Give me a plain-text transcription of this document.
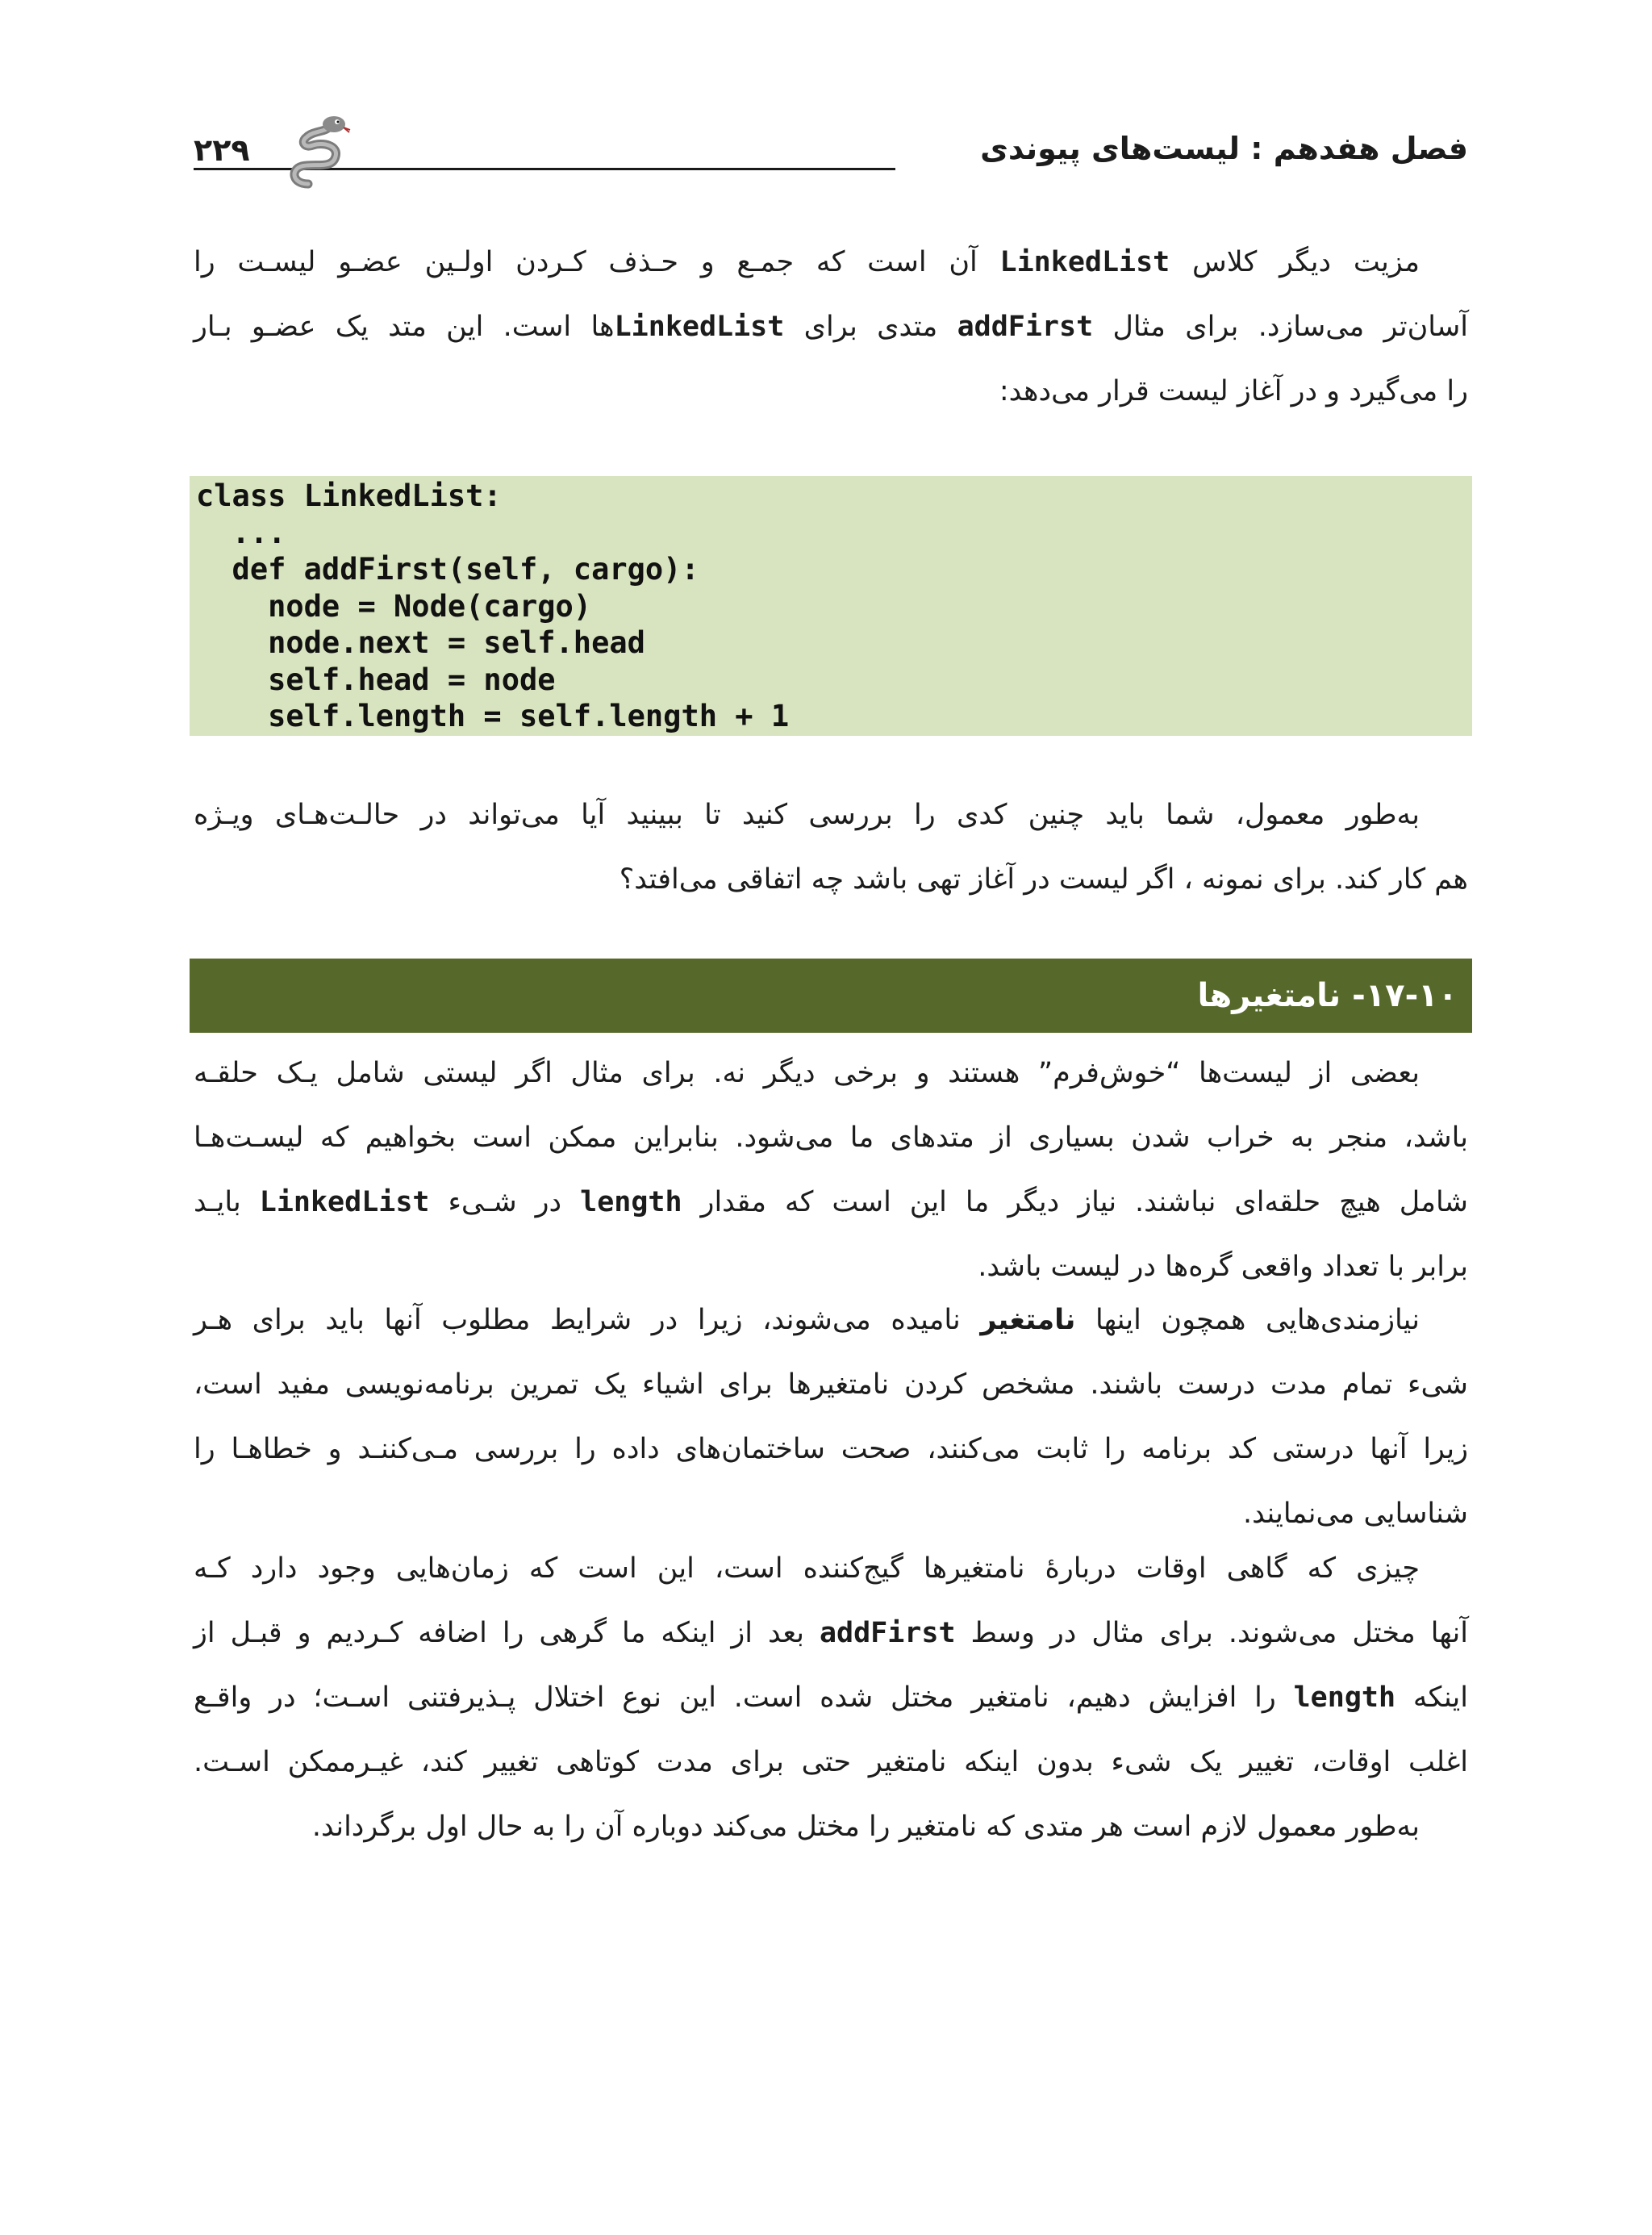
فصل هفدهم : لیست‌های پیوندی
۲۲۹

مزیت دیگر کلاس LinkedList آن است که جمـع و حـذف کـردن اولـین عضـو لیسـت را
آسان‌تر می‌سازد. برای مثال addFirst متدی برای LinkedListها است. این متد یک عضـو بـار
را می‌گیرد و در آغاز لیست قرار می‌دهد:

class LinkedList:
...
def addFirst(self, cargo):
node = Node(cargo)
node.next = self.head
self.head = node
self.length = self.length + 1

به‌طور معمول، شما باید چنین کدی را بررسی کنید تا ببینید آیا می‌تواند در حالـت‌هـای ویـژه
هم کار کند. برای نمونه ، اگر لیست در آغاز تهی باشد چه اتفاقی می‌افتد؟

۱۷-۱۰- نامتغیرها

بعضی از لیست‌ها “خوش‌فرم” هستند و برخی دیگر نه. برای مثال اگر لیستی شامل یـک حلقـه
باشد، منجر به خراب شدن بسیاری از متدهای ما می‌شود. بنابراین ممکن است بخواهیم که لیسـت‌هـا
شامل هیچ حلقه‌ای نباشند. نیاز دیگر ما این است که مقدار length در شـیء LinkedList بایـد
برابر با تعداد واقعی گره‌ها در لیست باشد.

نیازمندی‌هایی همچون اینها نامتغیر نامیده می‌شوند، زیرا در شرایط مطلوب آنها باید برای هـر
شیء تمام مدت درست باشند. مشخص کردن نامتغیرها برای اشیاء یک تمرین برنامه‌نویسی مفید است،
زیرا آنها درستی کد برنامه را ثابت می‌کنند، صحت ساختمان‌های داده را بررسی مـی‌کننـد و خطاهـا را
شناسایی می‌نمایند.

چیزی که گاهی اوقات دربارۀ نامتغیرها گیج‌کننده است، این است که زمان‌هایی وجود دارد کـه
آنها مختل می‌شوند. برای مثال در وسط addFirst بعد از اینکه ما گرهی را اضافه کـردیم و قبـل از
اینکه length را افزایش دهیم، نامتغیر مختل شده است. این نوع اختلال پـذیرفتنی اسـت؛ در واقـع
اغلب اوقات، تغییر یک شیء بدون اینکه نامتغیر حتی برای مدت کوتاهی تغییر کند، غیـرممکن اسـت.
به‌طور معمول لازم است هر متدی که نامتغیر را مختل می‌کند دوباره آن را به حال اول برگرداند.
